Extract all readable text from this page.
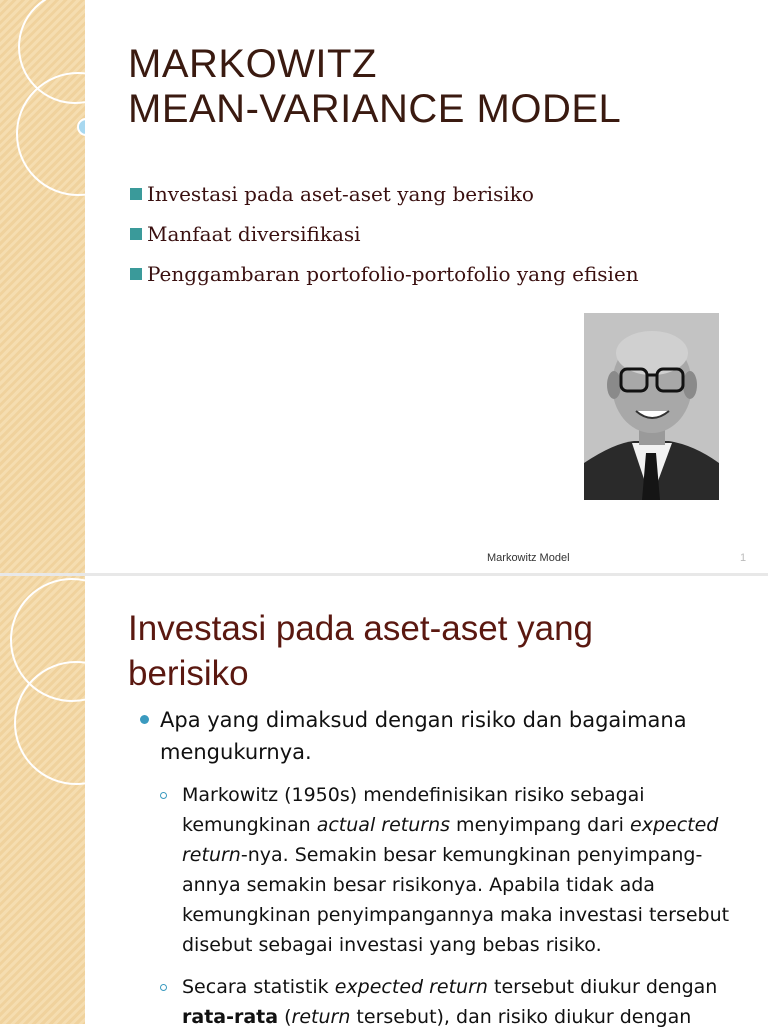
MARKOWITZ
MEAN-VARIANCE MODEL
Investasi pada aset-aset yang berisiko
Manfaat diversifikasi
Penggambaran portofolio-portofolio yang efisien
Markowitz Model	1
Investasi pada aset-aset yang berisiko
Apa yang dimaksud dengan risiko dan bagaimana mengukurnya.

Markowitz (1950s) mendefinisikan risiko sebagai kemungkinan actual returns menyimpang dari expected return-nya. Semakin besar kemungkinan penyimpang-annya semakin besar risikonya. Apabila tidak ada kemungkinan penyimpangannya maka investasi tersebut disebut sebagai investasi yang bebas risiko.

Secara statistik expected return tersebut diukur dengan rata-rata (return tersebut), dan risiko diukur dengan
